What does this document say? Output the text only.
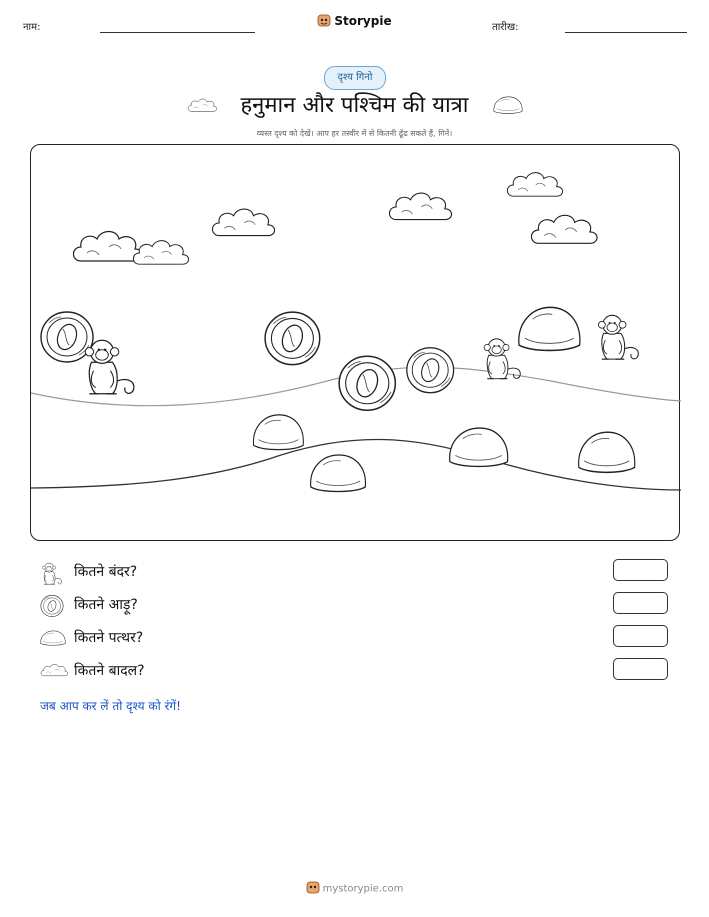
नाम:	Storypie	तारीख:
दृश्य गिनो
हनुमान और पश्चिम की यात्रा
व्यस्त दृश्य को देखें। आप हर तस्वीर में से कितनी ढूँढ सकते हैं, गिनें।
कितने बंदर?
कितने आड़ू?
कितने पत्थर?
कितने बादल?
जब आप कर लें तो दृश्य को रंगें!
mystorypie.com
